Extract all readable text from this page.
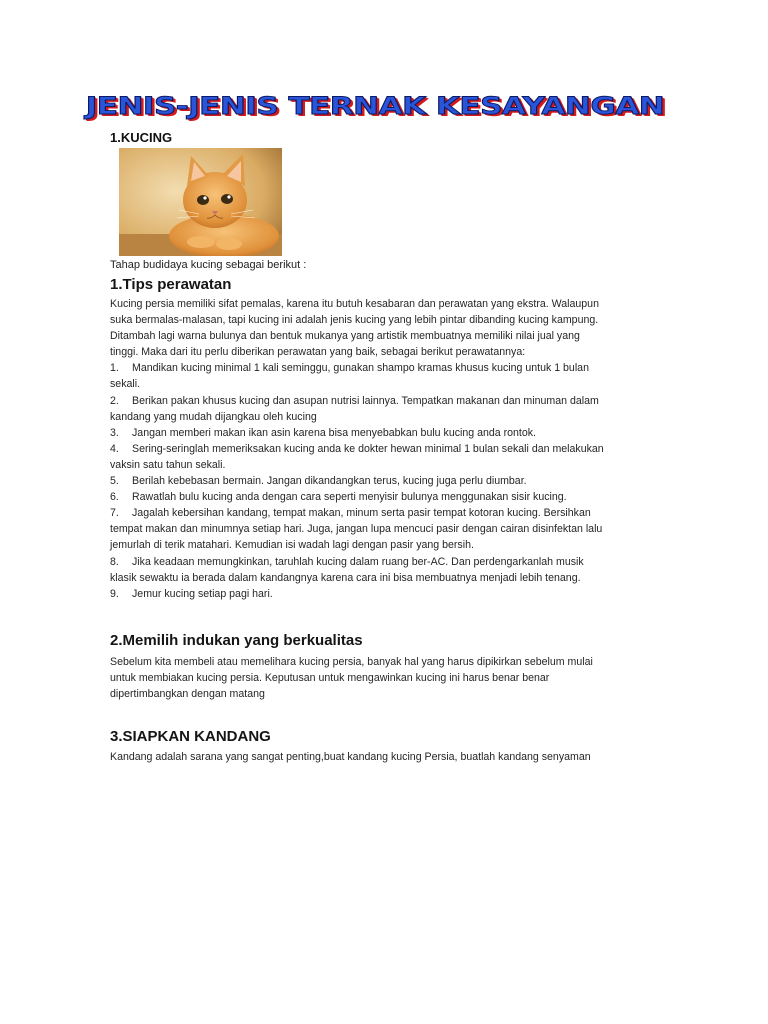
JENIS-JENIS TERNAK KESAYANGAN
1.KUCING
Tahap budidaya kucing sebagai berikut :
1.Tips perawatan
Kucing persia memiliki sifat pemalas, karena itu butuh kesabaran dan perawatan yang ekstra. Walaupun
suka bermalas-malasan, tapi kucing ini adalah jenis kucing yang lebih pintar dibanding kucing kampung.
Ditambah lagi warna bulunya dan bentuk mukanya yang artistik membuatnya memiliki nilai jual yang
tinggi. Maka dari itu perlu diberikan perawatan yang baik, sebagai berikut perawatannya:
1. Mandikan kucing minimal 1 kali seminggu, gunakan shampo kramas khusus kucing untuk 1 bulan
sekali.
2. Berikan pakan khusus kucing dan asupan nutrisi lainnya. Tempatkan makanan dan minuman dalam
kandang yang mudah dijangkau oleh kucing
3. Jangan memberi makan ikan asin karena bisa menyebabkan bulu kucing anda rontok.
4. Sering-seringlah memeriksakan kucing anda ke dokter hewan minimal 1 bulan sekali dan melakukan
vaksin satu tahun sekali.
5. Berilah kebebasan bermain. Jangan dikandangkan terus, kucing juga perlu diumbar.
6. Rawatlah bulu kucing anda dengan cara seperti menyisir bulunya menggunakan sisir kucing.
7. Jagalah kebersihan kandang, tempat makan, minum serta pasir tempat kotoran kucing. Bersihkan
tempat makan dan minumnya setiap hari. Juga, jangan lupa mencuci pasir dengan cairan disinfektan lalu
jemurlah di terik matahari. Kemudian isi wadah lagi dengan pasir yang bersih.
8. Jika keadaan memungkinkan, taruhlah kucing dalam ruang ber-AC. Dan perdengarkanlah musik
klasik sewaktu ia berada dalam kandangnya karena cara ini bisa membuatnya menjadi lebih tenang.
9. Jemur kucing setiap pagi hari.
2.Memilih indukan yang berkualitas
Sebelum kita membeli atau memelihara kucing persia, banyak hal yang harus dipikirkan sebelum mulai
untuk membiakan kucing persia. Keputusan untuk mengawinkan kucing ini harus benar benar
dipertimbangkan dengan matang
3.SIAPKAN KANDANG
Kandang adalah sarana yang sangat penting,buat kandang kucing Persia, buatlah kandang senyaman
